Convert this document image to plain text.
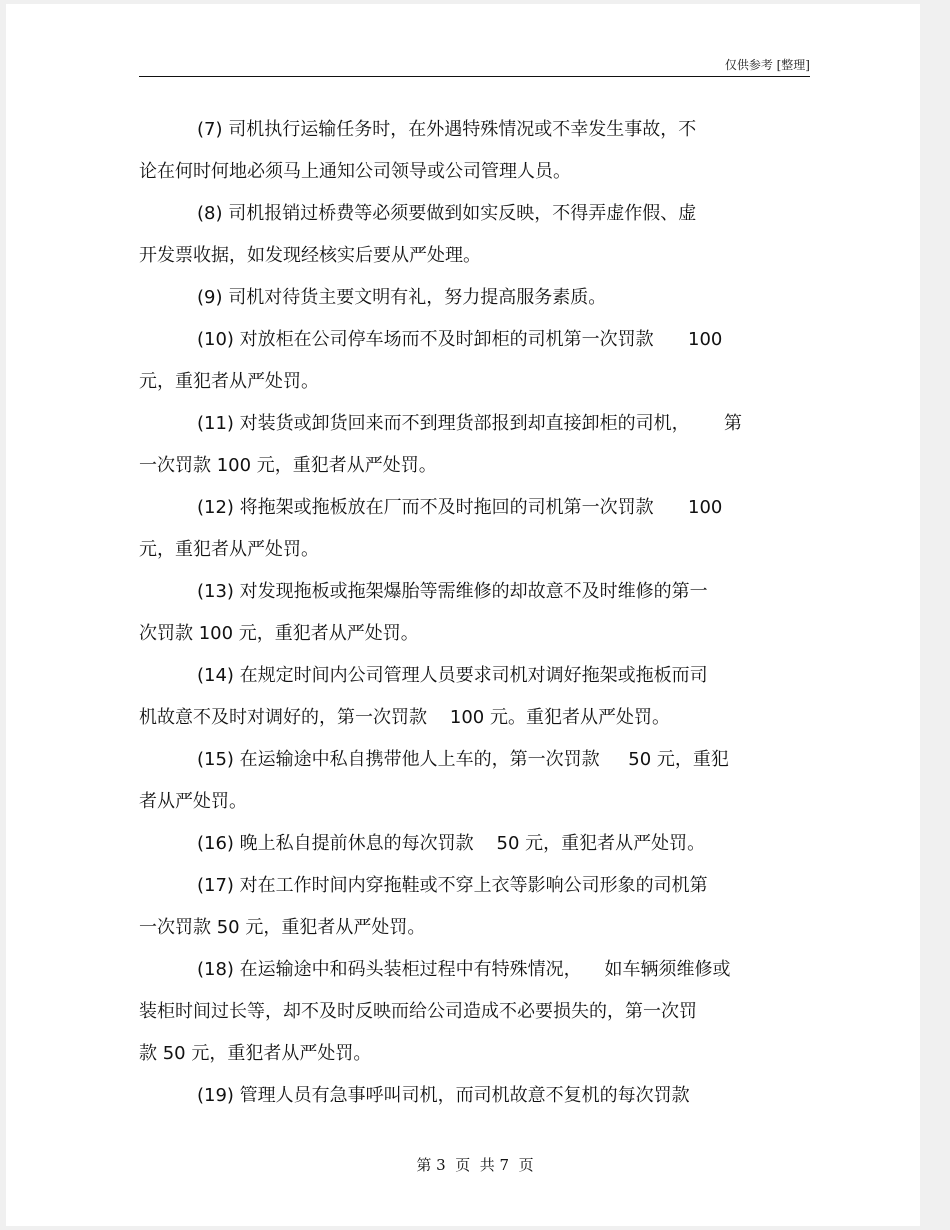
仅供参考 [整理]
(7) 司机执行运输任务时，在外遇特殊情况或不幸发生事故，不
论在何时何地必须马上通知公司领导或公司管理人员。
(8) 司机报销过桥费等必须要做到如实反映，不得弄虚作假、虚
开发票收据，如发现经核实后要从严处理。
(9) 司机对待货主要文明有礼，努力提高服务素质。
(10) 对放柜在公司停车场而不及时卸柜的司机第一次罚款      100
元，重犯者从严处罚。
(11) 对装货或卸货回来而不到理货部报到却直接卸柜的司机，      第
一次罚款 100 元，重犯者从严处罚。
(12) 将拖架或拖板放在厂而不及时拖回的司机第一次罚款      100
元，重犯者从严处罚。
(13) 对发现拖板或拖架爆胎等需维修的却故意不及时维修的第一
次罚款 100 元，重犯者从严处罚。
(14) 在规定时间内公司管理人员要求司机对调好拖架或拖板而司
机故意不及时对调好的，第一次罚款    100 元。重犯者从严处罚。
(15) 在运输途中私自携带他人上车的，第一次罚款     50 元，重犯
者从严处罚。
(16) 晚上私自提前休息的每次罚款    50 元，重犯者从严处罚。
(17) 对在工作时间内穿拖鞋或不穿上衣等影响公司形象的司机第
一次罚款 50 元，重犯者从严处罚。
(18) 在运输途中和码头装柜过程中有特殊情况，    如车辆须维修或
装柜时间过长等，却不及时反映而给公司造成不必要损失的，第一次罚
款 50 元，重犯者从严处罚。
(19) 管理人员有急事呼叫司机，而司机故意不复机的每次罚款
第 3  页  共 7  页
